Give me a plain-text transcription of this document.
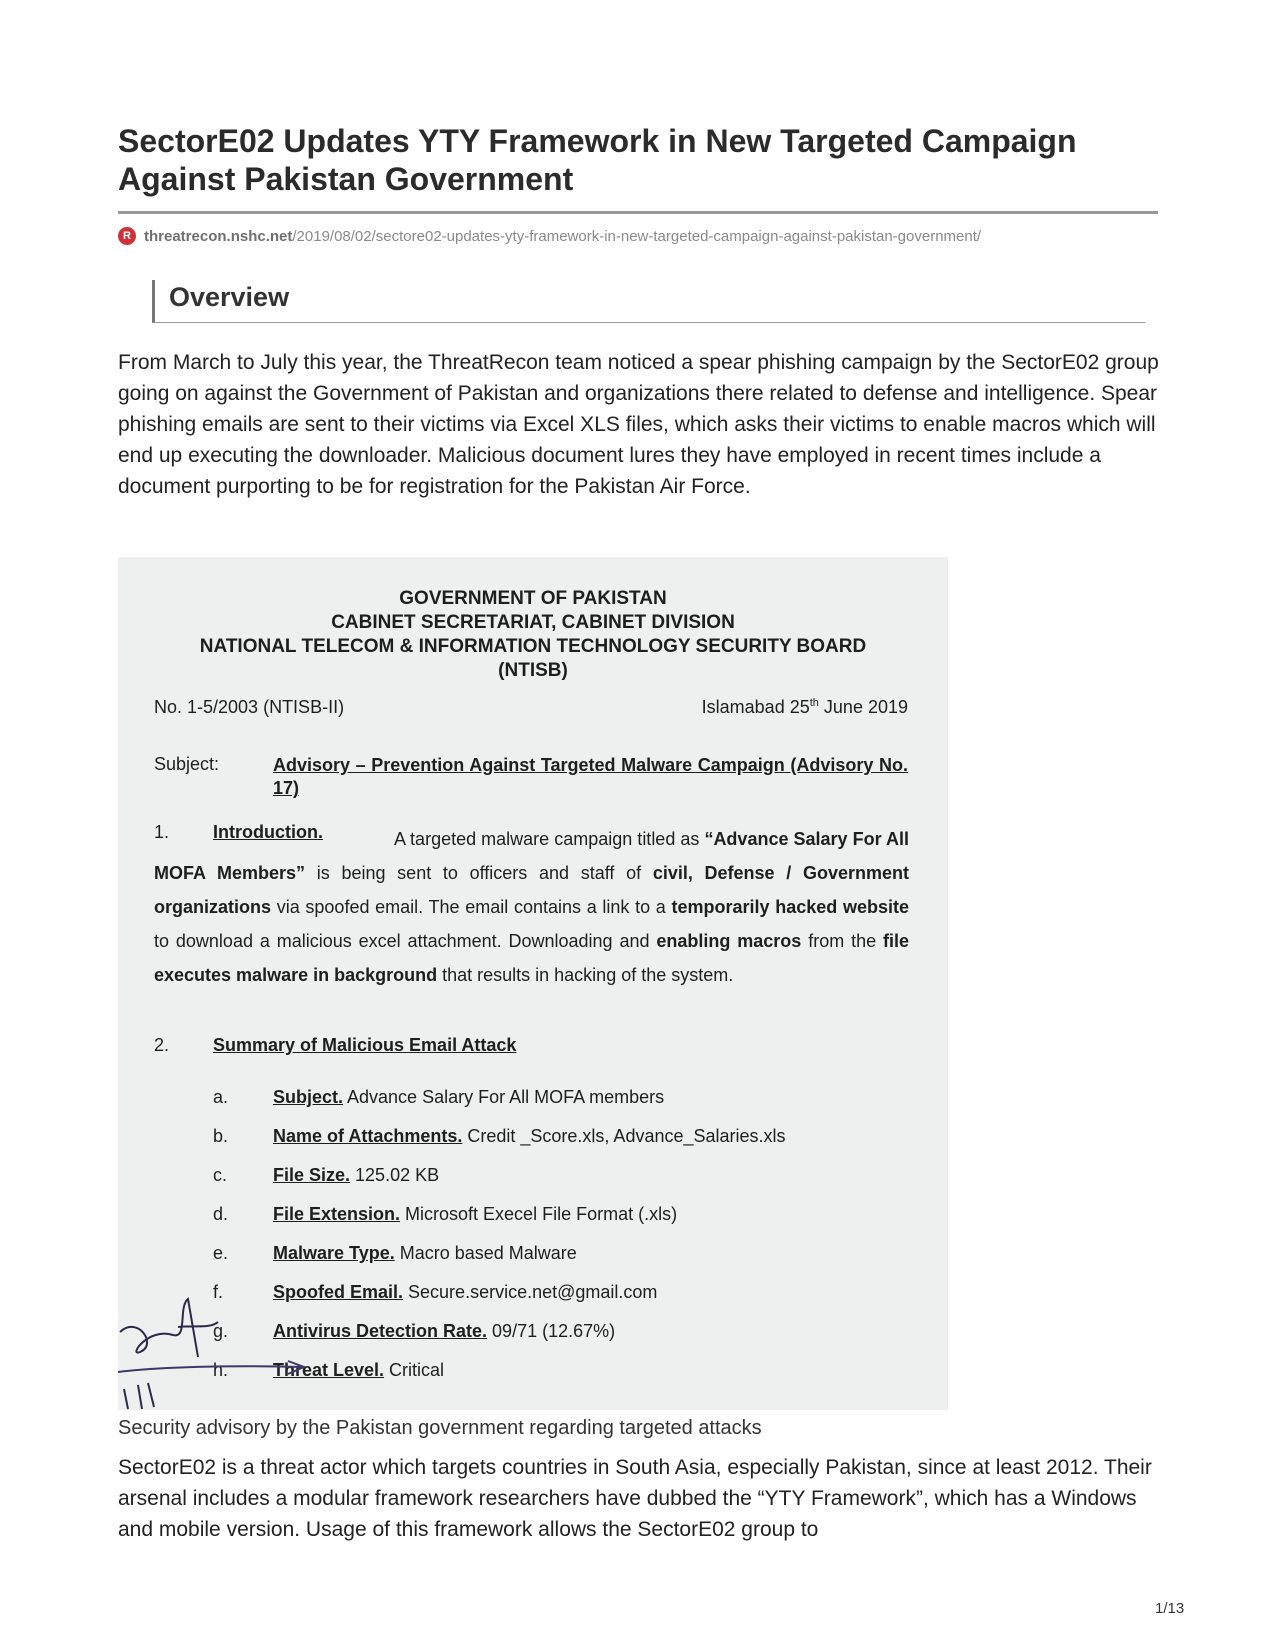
SectorE02 Updates YTY Framework in New Targeted Campaign Against Pakistan Government
R threatrecon.nshc.net /2019/08/02/sectore02-updates-yty-framework-in-new-targeted-campaign-against-pakistan-government/
Overview

From March to July this year, the ThreatRecon team noticed a spear phishing campaign by the SectorE02 group going on against the Government of Pakistan and organizations there related to defense and intelligence. Spear phishing emails are sent to their victims via Excel XLS files, which asks their victims to enable macros which will end up executing the downloader. Malicious document lures they have employed in recent times include a document purporting to be for registration for the Pakistan Air Force.

GOVERNMENT OF PAKISTAN
CABINET SECRETARIAT, CABINET DIVISION
NATIONAL TELECOM & INFORMATION TECHNOLOGY SECURITY BOARD
(NTISB)
No. 1-5/2003 (NTISB-II)	Islamabad 25th June 2019
Subject:	Advisory – Prevention Against Targeted Malware Campaign (Advisory No. 17)
1. Introduction.	A targeted malware campaign titled as “Advance Salary For All MOFA Members” is being sent to officers and staff of civil, Defense / Government organizations via spoofed email. The email contains a link to a temporarily hacked website to download a malicious excel attachment. Downloading and enabling macros from the file executes malware in background that results in hacking of the system.
2. Summary of Malicious Email Attack
a. Subject. Advance Salary For All MOFA members
b. Name of Attachments. Credit _Score.xls, Advance_Salaries.xls
c.	File Size. 125.02 KB
d. File Extension. Microsoft Execel File Format (.xls)
e. Malware Type. Macro based Malware
f.	Spoofed Email. Secure.service.net@gmail.com
g. Antivirus Detection Rate. 09/71 (12.67%)
h. Threat Level. Critical
Security advisory by the Pakistan government regarding targeted attacks

SectorE02 is a threat actor which targets countries in South Asia, especially Pakistan, since at least 2012. Their arsenal includes a modular framework researchers have dubbed the “YTY Framework”, which has a Windows and mobile version. Usage of this framework allows the SectorE02 group to

1/13
